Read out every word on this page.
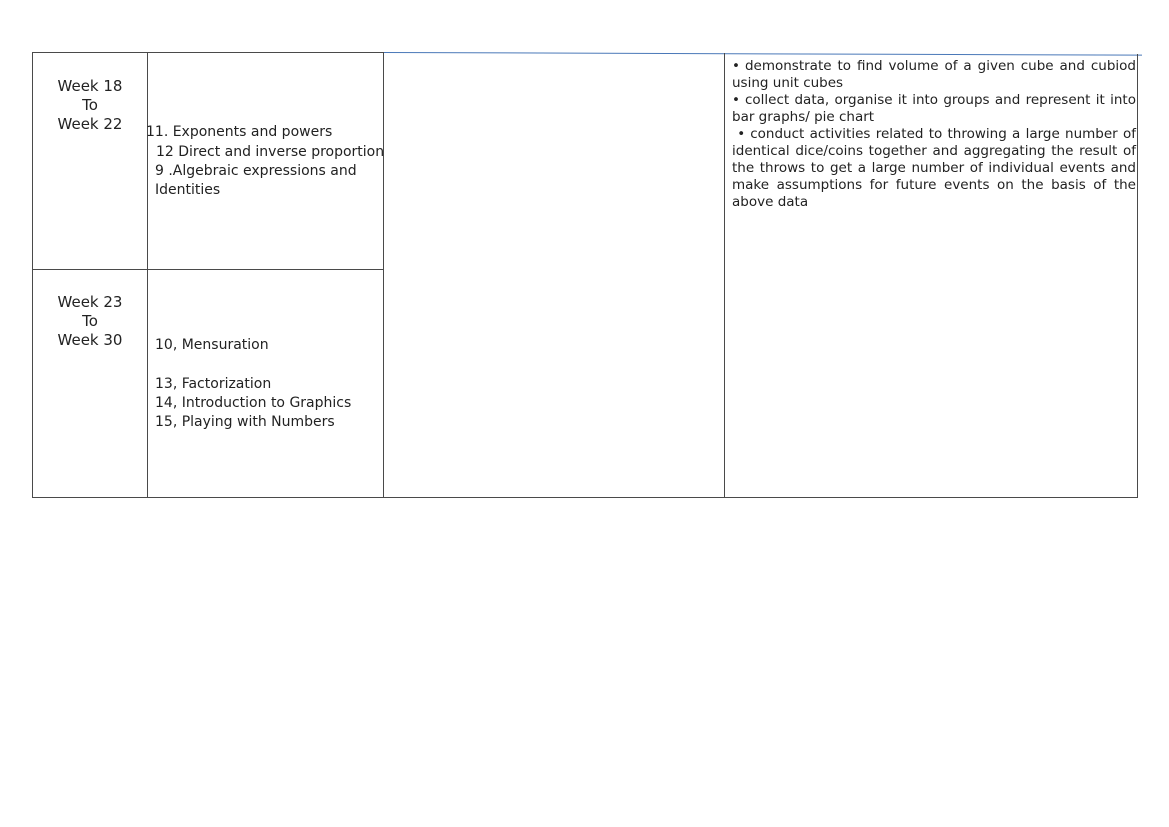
Week 18
To
Week 22	11. Exponents and powers
12 Direct and inverse proportion
9 .Algebraic expressions and
Identities
Week 23
To
Week 30	10, Mensuration
13, Factorization
14, Introduction to Graphics
15, Playing with Numbers

• demonstrate to find volume of a given cube and cubiod using unit cubes

• collect data, organise it into groups and represent it into bar graphs/ pie chart

• conduct activities related to throwing a large number of identical dice/coins together and aggregating the result of the throws to get a large number of individual events and make assumptions for future events on the basis of the above data
